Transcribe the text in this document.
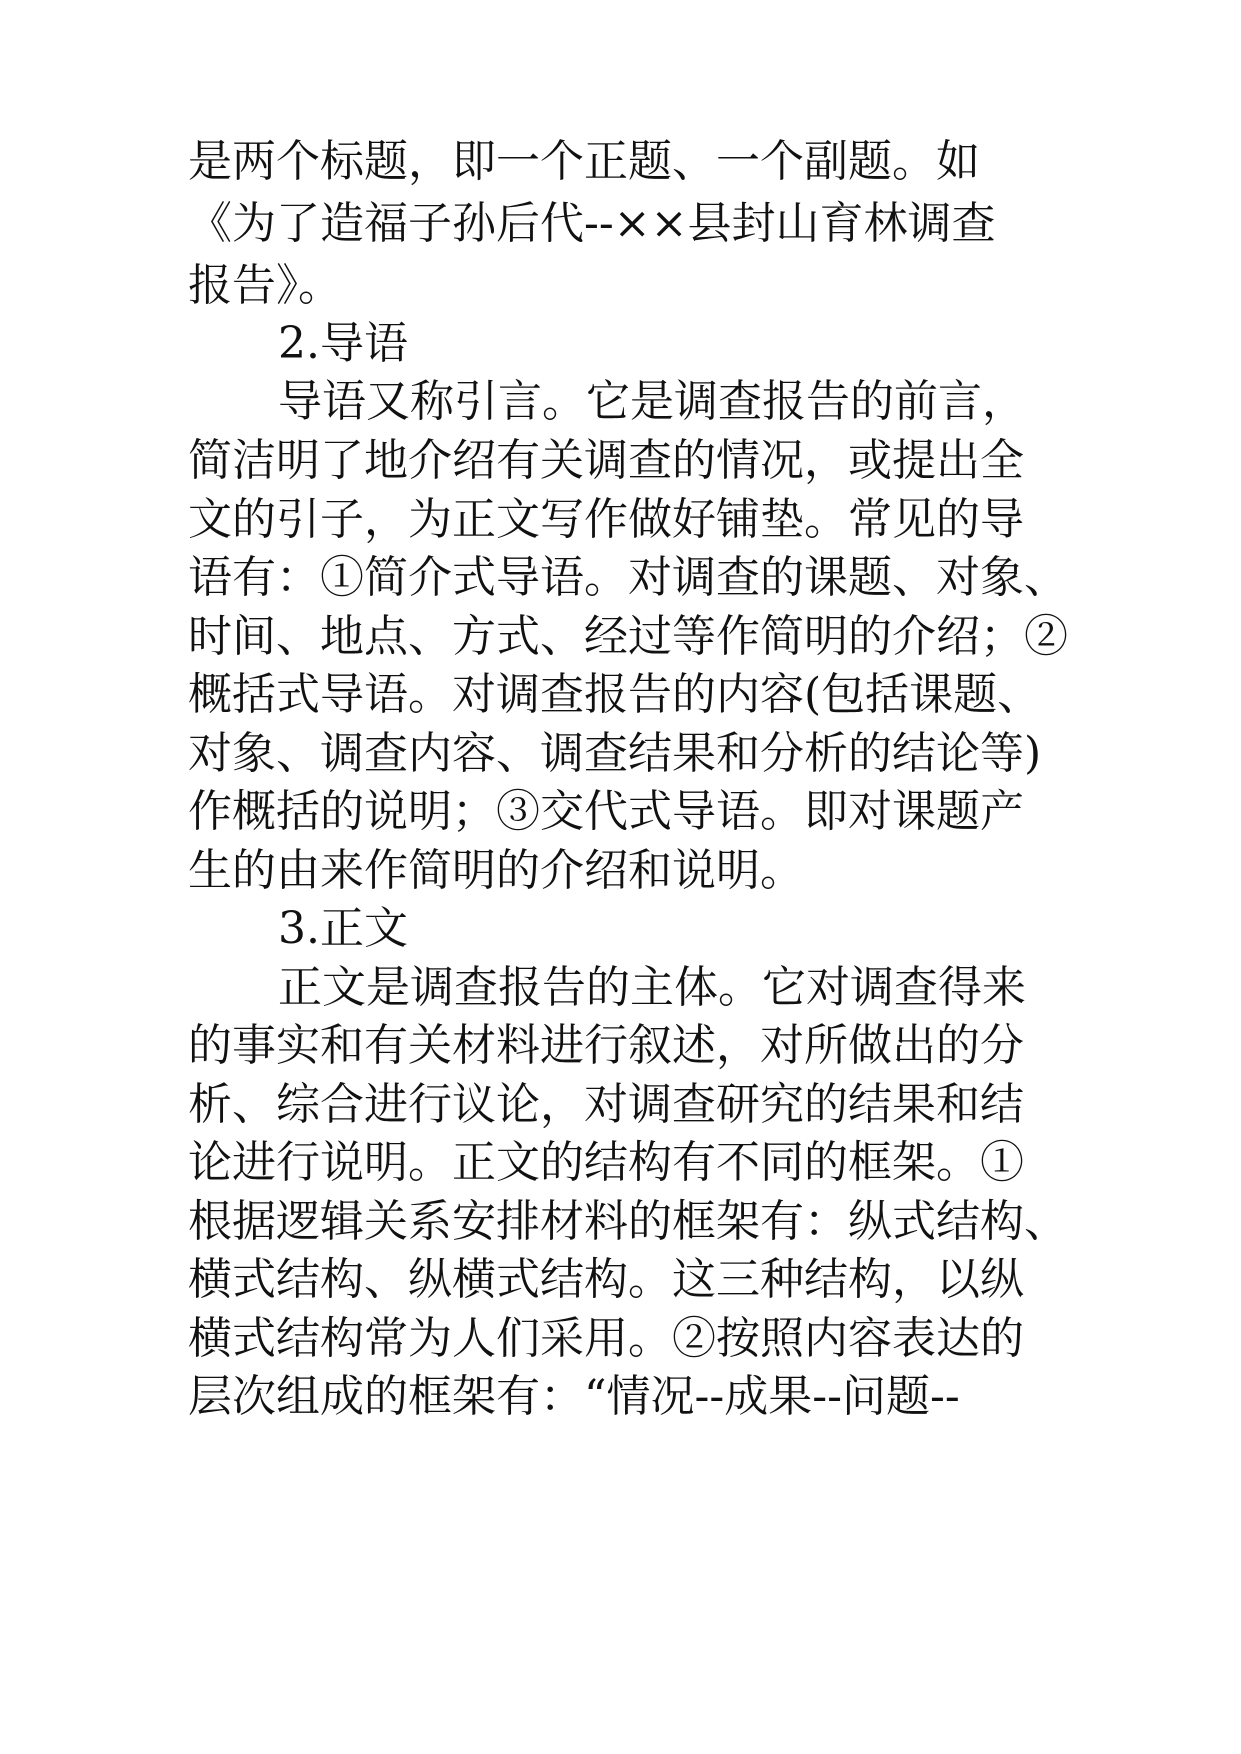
是两个标题，即一个正题、一个副题。如
《为了造福子孙后代--××县封山育林调查
报告》。
2.导语
导语又称引言。它是调查报告的前言，
简洁明了地介绍有关调查的情况，或提出全
文的引子，为正文写作做好铺垫。常见的导
语有：①简介式导语。对调查的课题、对象、
时间、地点、方式、经过等作简明的介绍；②
概括式导语。对调查报告的内容(包括课题、
对象、调查内容、调查结果和分析的结论等)
作概括的说明；③交代式导语。即对课题产
生的由来作简明的介绍和说明。
3.正文
正文是调查报告的主体。它对调查得来
的事实和有关材料进行叙述，对所做出的分
析、综合进行议论，对调查研究的结果和结
论进行说明。正文的结构有不同的框架。①
根据逻辑关系安排材料的框架有：纵式结构、
横式结构、纵横式结构。这三种结构，以纵
横式结构常为人们采用。②按照内容表达的
层次组成的框架有：“情况--成果--问题--
